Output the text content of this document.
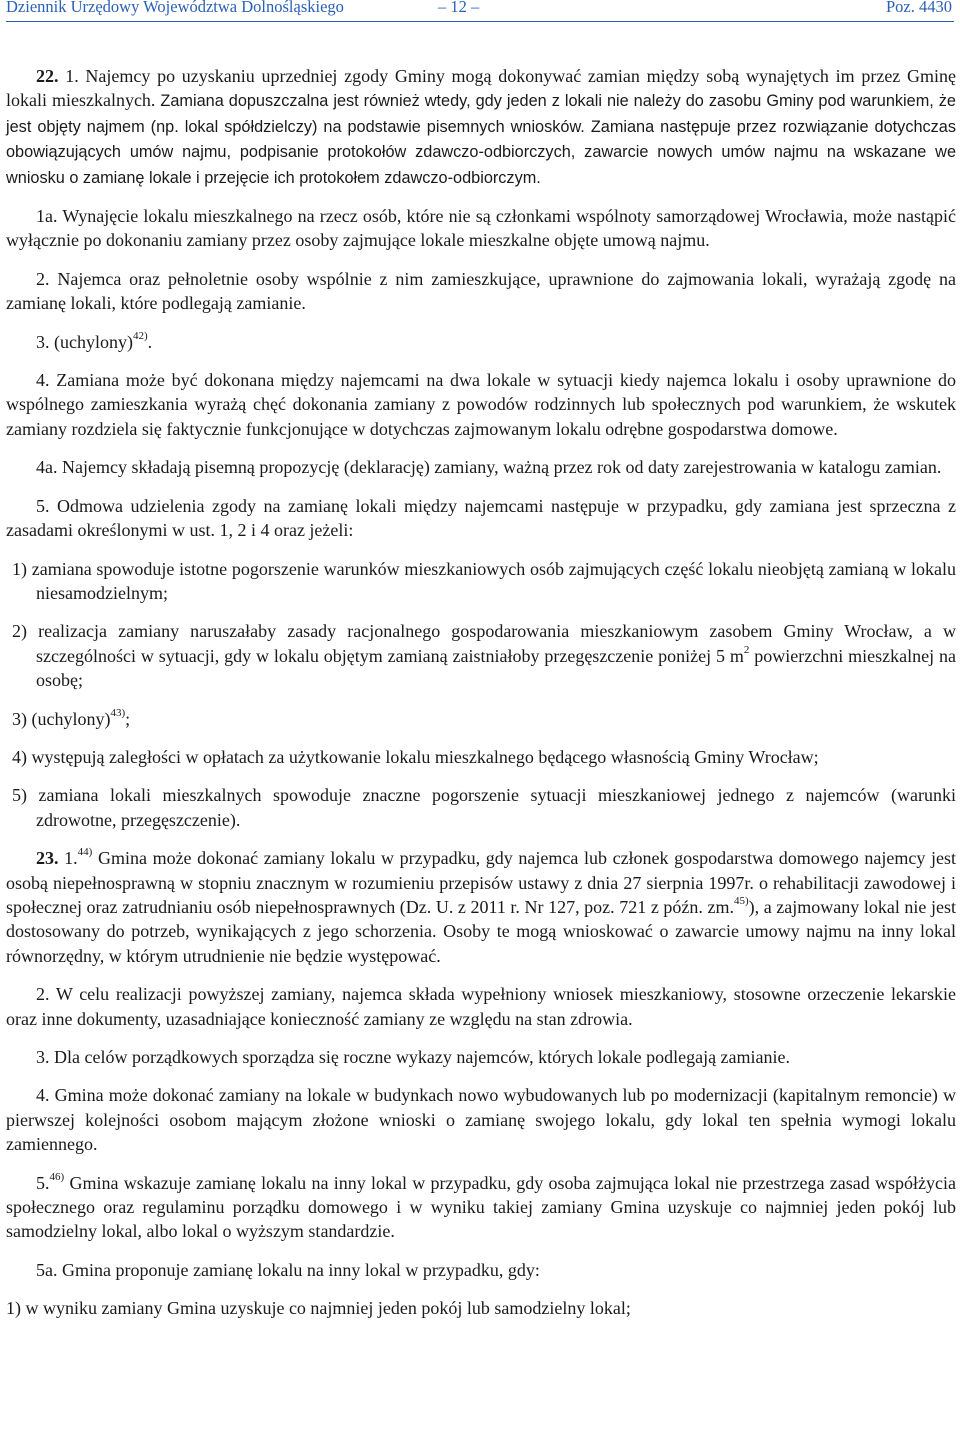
Dziennik Urzędowy Województwa Dolnośląskiego	– 12 –	Poz. 4430

22. 1. Najemcy po uzyskaniu uprzedniej zgody Gminy mogą dokonywać zamian między sobą wynajętych im przez Gminę lokali mieszkalnych. Zamiana dopuszczalna jest również wtedy, gdy jeden z lokali nie należy do zasobu Gminy pod warunkiem, że jest objęty najmem (np. lokal spółdzielczy) na podstawie pisemnych wniosków. Zamiana następuje przez rozwiązanie dotychczas obowiązujących umów najmu, podpisanie protokołów zdawczo-odbiorczych, zawarcie nowych umów najmu na wskazane we wniosku o zamianę lokale i przejęcie ich protokołem zdawczo-odbiorczym.

1a. Wynajęcie lokalu mieszkalnego na rzecz osób, które nie są członkami wspólnoty samorządowej Wrocławia, może nastąpić wyłącznie po dokonaniu zamiany przez osoby zajmujące lokale mieszkalne objęte umową najmu.

2. Najemca oraz pełnoletnie osoby wspólnie z nim zamieszkujące, uprawnione do zajmowania lokali, wyrażają zgodę na zamianę lokali, które podlegają zamianie.

3. (uchylony)$^{42)}$.

4. Zamiana może być dokonana między najemcami na dwa lokale w sytuacji kiedy najemca lokalu i osoby uprawnione do wspólnego zamieszkania wyrażą chęć dokonania zamiany z powodów rodzinnych lub społecznych pod warunkiem, że wskutek zamiany rozdziela się faktycznie funkcjonujące w dotychczas zajmowanym lokalu odrębne gospodarstwa domowe.

4a. Najemcy składają pisemną propozycję (deklarację) zamiany, ważną przez rok od daty zarejestrowania w katalogu zamian.

5. Odmowa udzielenia zgody na zamianę lokali między najemcami następuje w przypadku, gdy zamiana jest sprzeczna z zasadami określonymi w ust. 1, 2 i 4 oraz jeżeli:

1) zamiana spowoduje istotne pogorszenie warunków mieszkaniowych osób zajmujących część lokalu nieobjętą zamianą w lokalu niesamodzielnym;

2) realizacja zamiany naruszałaby zasady racjonalnego gospodarowania mieszkaniowym zasobem Gminy Wrocław, a w szczególności w sytuacji, gdy w lokalu objętym zamianą zaistniałoby przegęszczenie poniżej 5 $m^2$ powierzchni mieszkalnej na osobę;

3) (uchylony)$^{43)}$;

4) występują zaległości w opłatach za użytkowanie lokalu mieszkalnego będącego własnością Gminy Wrocław;

5) zamiana lokali mieszkalnych spowoduje znaczne pogorszenie sytuacji mieszkaniowej jednego z najemców (warunki zdrowotne, przegęszczenie).

23. 1.$^{44)}$ Gmina może dokonać zamiany lokalu w przypadku, gdy najemca lub członek gospodarstwa domowego najemcy jest osobą niepełnosprawną w stopniu znacznym w rozumieniu przepisów ustawy z dnia 27 sierpnia 1997r. o rehabilitacji zawodowej i społecznej oraz zatrudnianiu osób niepełnosprawnych (Dz. U. z 2011 r. Nr 127, poz. 721 z późn. zm.$^{45)}$), a zajmowany lokal nie jest dostosowany do potrzeb, wynikających z jego schorzenia. Osoby te mogą wnioskować o zawarcie umowy najmu na inny lokal równorzędny, w którym utrudnienie nie będzie występować.

2. W celu realizacji powyższej zamiany, najemca składa wypełniony wniosek mieszkaniowy, stosowne orzeczenie lekarskie oraz inne dokumenty, uzasadniające konieczność zamiany ze względu na stan zdrowia.

3. Dla celów porządkowych sporządza się roczne wykazy najemców, których lokale podlegają zamianie.

4. Gmina może dokonać zamiany na lokale w budynkach nowo wybudowanych lub po modernizacji (kapitalnym remoncie) w pierwszej kolejności osobom mającym złożone wnioski o zamianę swojego lokalu, gdy lokal ten spełnia wymogi lokalu zamiennego.

5.$^{46)}$ Gmina wskazuje zamianę lokalu na inny lokal w przypadku, gdy osoba zajmująca lokal nie przestrzega zasad współżycia społecznego oraz regulaminu porządku domowego i w wyniku takiej zamiany Gmina uzyskuje co najmniej jeden pokój lub samodzielny lokal, albo lokal o wyższym standardzie.

5a. Gmina proponuje zamianę lokalu na inny lokal w przypadku, gdy:

1) w wyniku zamiany Gmina uzyskuje co najmniej jeden pokój lub samodzielny lokal;
